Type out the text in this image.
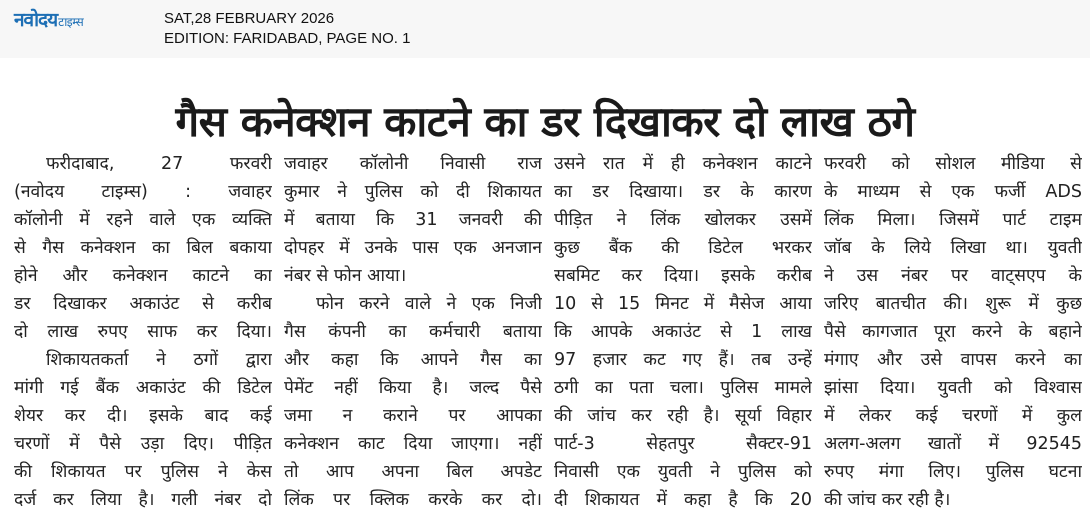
नवोदय टाइम्स	SAT,28 FEBRUARY 2026
EDITION: FARIDABAD, PAGE NO. 1
गैस कनेक्शन काटने का डर दिखाकर दो लाख ठगे
फरीदाबाद, 27 फरवरी
(नवोदय टाइम्स) : जवाहर
कॉलोनी में रहने वाले एक व्यक्ति
से गैस कनेक्शन का बिल बकाया
होने और कनेक्शन काटने का
डर दिखाकर अकाउंट से करीब
दो लाख रुपए साफ कर दिया।
शिकायतकर्ता ने ठगों द्वारा
मांगी गई बैंक अकाउंट की डिटेल
शेयर कर दी। इसके बाद कई
चरणों में पैसे उड़ा दिए। पीड़ित
की शिकायत पर पुलिस ने केस
दर्ज कर लिया है। गली नंबर दो
जवाहर कॉलोनी निवासी राज
कुमार ने पुलिस को दी शिकायत
में बताया कि 31 जनवरी की
दोपहर में उनके पास एक अनजान
नंबर से फोन आया।
फोन करने वाले ने एक निजी
गैस कंपनी का कर्मचारी बताया
और कहा कि आपने गैस का
पेमेंट नहीं किया है। जल्द पैसे
जमा न कराने पर आपका
कनेक्शन काट दिया जाएगा। नहीं
तो आप अपना बिल अपडेट
लिंक पर क्लिक करके कर दो।
उसने रात में ही कनेक्शन काटने
का डर दिखाया। डर के कारण
पीड़ित ने लिंक खोलकर उसमें
कुछ बैंक की डिटेल भरकर
सबमिट कर दिया। इसके करीब
10 से 15 मिनट में मैसेज आया
कि आपके अकाउंट से 1 लाख
97 हजार कट गए हैं। तब उन्हें
ठगी का पता चला। पुलिस मामले
की जांच कर रही है। सूर्या विहार
पार्ट-3 सेहतपुर सैक्टर-91
निवासी एक युवती ने पुलिस को
दी शिकायत में कहा है कि 20
फरवरी को सोशल मीडिया से
के माध्यम से एक फर्जी ADS
लिंक मिला। जिसमें पार्ट टाइम
जॉब के लिये लिखा था। युवती
ने उस नंबर पर वाट्सएप के
जरिए बातचीत की। शुरू में कुछ
पैसे कागजात पूरा करने के बहाने
मंगाए और उसे वापस करने का
झांसा दिया। युवती को विश्वास
में लेकर कई चरणों में कुल
अलग-अलग खातों में 92545
रुपए मंगा लिए। पुलिस घटना
की जांच कर रही है।
